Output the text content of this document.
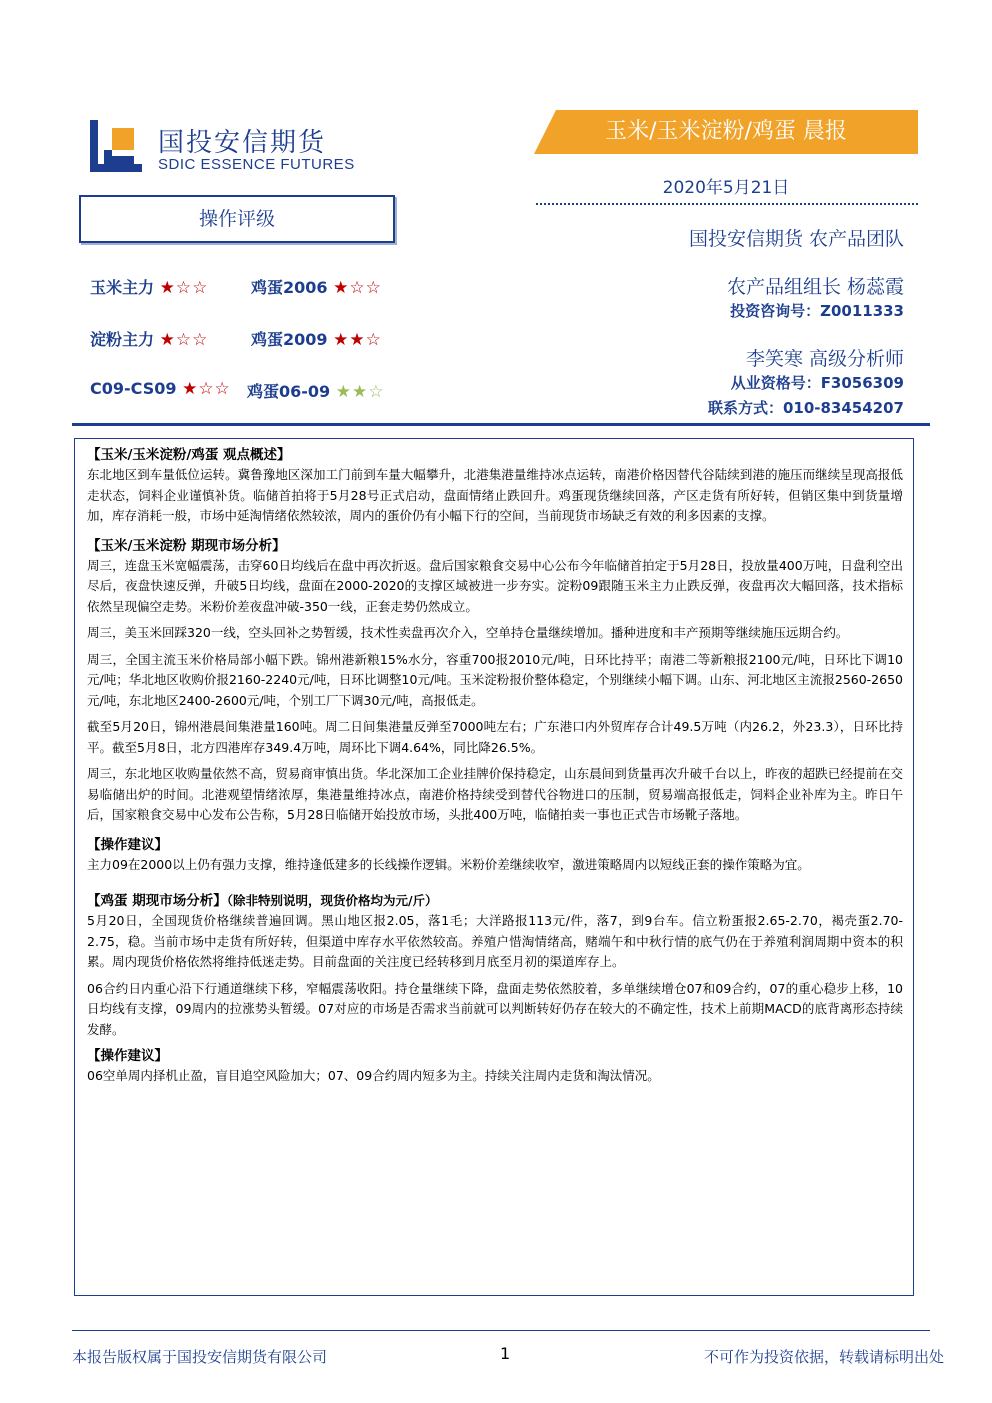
国投安信期货
SDIC ESSENCE FUTURES
玉米/玉米淀粉/鸡蛋 晨报
2020年5月21日
国投安信期货 农产品团队
农产品组组长 杨蕊霞
投资咨询号：Z0011333
李笑寒 高级分析师
从业资格号：F3056309
联系方式：010-83454207
操作评级
玉米主力 ★☆☆	鸡蛋2006 ★☆☆
淀粉主力 ★☆☆	鸡蛋2009 ★★☆
C09-CS09 ★☆☆ 鸡蛋06-09 ★★☆

【玉米/玉米淀粉/鸡蛋 观点概述】

东北地区到车量低位运转。冀鲁豫地区深加工门前到车量大幅攀升，北港集港量维持冰点运转，南港价格因替代谷陆续到港的施压而继续呈现高报低走状态，饲料企业谨慎补货。临储首拍将于5月28号正式启动，盘面情绪止跌回升。鸡蛋现货继续回落，产区走货有所好转，但销区集中到货量增加，库存消耗一般，市场中延淘情绪依然较浓，周内的蛋价仍有小幅下行的空间，当前现货市场缺乏有效的利多因素的支撑。

【玉米/玉米淀粉 期现市场分析】

周三，连盘玉米宽幅震荡，击穿60日均线后在盘中再次折返。盘后国家粮食交易中心公布今年临储首拍定于5月28日，投放量400万吨，日盘利空出尽后，夜盘快速反弹，升破5日均线，盘面在2000-2020的支撑区域被进一步夯实。淀粉09跟随玉米主力止跌反弹，夜盘再次大幅回落，技术指标依然呈现偏空走势。米粉价差夜盘冲破-350一线，正套走势仍然成立。

周三，美玉米回踩320一线，空头回补之势暂缓，技术性卖盘再次介入，空单持仓量继续增加。播种进度和丰产预期等继续施压远期合约。

周三，全国主流玉米价格局部小幅下跌。锦州港新粮15%水分，容重700报2010元/吨，日环比持平；南港二等新粮报2100元/吨，日环比下调10元/吨；华北地区收购价报2160-2240元/吨，日环比调整10元/吨。玉米淀粉报价整体稳定，个别继续小幅下调。山东、河北地区主流报2560-2650元/吨，东北地区2400-2600元/吨，个别工厂下调30元/吨，高报低走。

截至5月20日，锦州港晨间集港量160吨。周二日间集港量反弹至7000吨左右；广东港口内外贸库存合计49.5万吨（内26.2，外23.3），日环比持平。截至5月8日，北方四港库存349.4万吨，周环比下调4.64%，同比降26.5%。

周三，东北地区收购量依然不高，贸易商审慎出货。华北深加工企业挂牌价保持稳定，山东晨间到货量再次升破千台以上，昨夜的超跌已经提前在交易临储出炉的时间。北港观望情绪浓厚，集港量维持冰点，南港价格持续受到替代谷物进口的压制，贸易端高报低走，饲料企业补库为主。昨日午后，国家粮食交易中心发布公告称，5月28日临储开始投放市场，头批400万吨，临储拍卖一事也正式告市场靴子落地。

【操作建议】

主力09在2000以上仍有强力支撑，维持逢低建多的长线操作逻辑。米粉价差继续收窄，激进策略周内以短线正套的操作策略为宜。

【鸡蛋 期现市场分析】（除非特别说明，现货价格均为元/斤）

5月20日，全国现货价格继续普遍回调。黑山地区报2.05，落1毛；大洋路报113元/件，落7，到9台车。信立粉蛋报2.65-2.70，褐壳蛋2.70-2.75，稳。当前市场中走货有所好转，但渠道中库存水平依然较高。养殖户惜淘情绪高，赌端午和中秋行情的底气仍在于养殖利润周期中资本的积累。周内现货价格依然将维持低迷走势。目前盘面的关注度已经转移到月底至月初的渠道库存上。

06合约日内重心沿下行通道继续下移，窄幅震荡收阳。持仓量继续下降，盘面走势依然胶着，多单继续增仓07和09合约，07的重心稳步上移，10日均线有支撑，09周内的拉涨势头暂缓。07对应的市场是否需求当前就可以判断转好仍存在较大的不确定性，技术上前期MACD的底背离形态持续发酵。

【操作建议】

06空单周内择机止盈，盲目追空风险加大；07、09合约周内短多为主。持续关注周内走货和淘汰情况。

本报告版权属于国投安信期货有限公司	1	不可作为投资依据，转载请标明出处
